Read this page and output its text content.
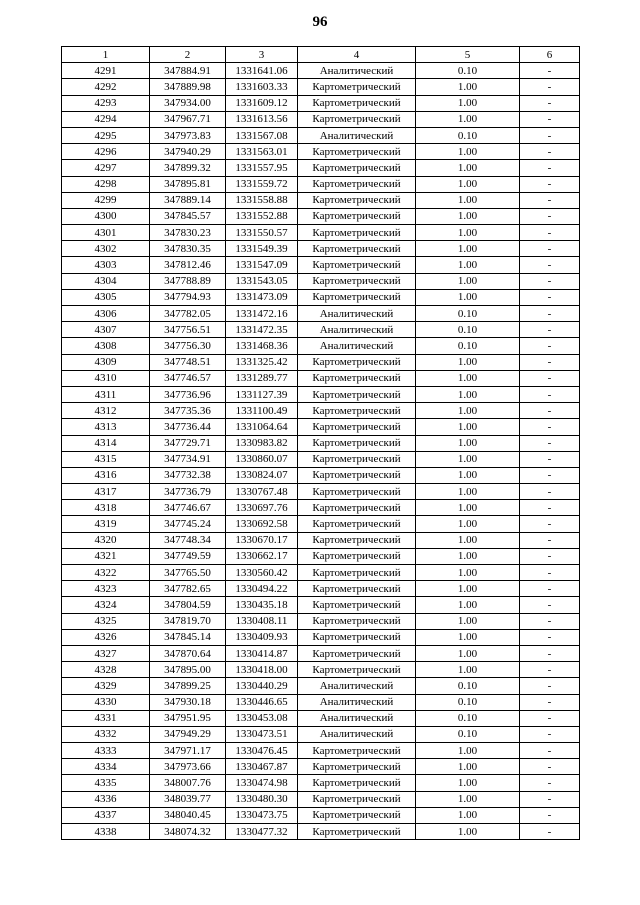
96
1	2	3	4	5	6
4291	347884.91	1331641.06	Аналитический	0.10	-
4292	347889.98	1331603.33	Картометрический	1.00	-
4293	347934.00	1331609.12	Картометрический	1.00	-
4294	347967.71	1331613.56	Картометрический	1.00	-
4295	347973.83	1331567.08	Аналитический	0.10	-
4296	347940.29	1331563.01	Картометрический	1.00	-
4297	347899.32	1331557.95	Картометрический	1.00	-
4298	347895.81	1331559.72	Картометрический	1.00	-
4299	347889.14	1331558.88	Картометрический	1.00	-
4300	347845.57	1331552.88	Картометрический	1.00	-
4301	347830.23	1331550.57	Картометрический	1.00	-
4302	347830.35	1331549.39	Картометрический	1.00	-
4303	347812.46	1331547.09	Картометрический	1.00	-
4304	347788.89	1331543.05	Картометрический	1.00	-
4305	347794.93	1331473.09	Картометрический	1.00	-
4306	347782.05	1331472.16	Аналитический	0.10	-
4307	347756.51	1331472.35	Аналитический	0.10	-
4308	347756.30	1331468.36	Аналитический	0.10	-
4309	347748.51	1331325.42	Картометрический	1.00	-
4310	347746.57	1331289.77	Картометрический	1.00	-
4311	347736.96	1331127.39	Картометрический	1.00	-
4312	347735.36	1331100.49	Картометрический	1.00	-
4313	347736.44	1331064.64	Картометрический	1.00	-
4314	347729.71	1330983.82	Картометрический	1.00	-
4315	347734.91	1330860.07	Картометрический	1.00	-
4316	347732.38	1330824.07	Картометрический	1.00	-
4317	347736.79	1330767.48	Картометрический	1.00	-
4318	347746.67	1330697.76	Картометрический	1.00	-
4319	347745.24	1330692.58	Картометрический	1.00	-
4320	347748.34	1330670.17	Картометрический	1.00	-
4321	347749.59	1330662.17	Картометрический	1.00	-
4322	347765.50	1330560.42	Картометрический	1.00	-
4323	347782.65	1330494.22	Картометрический	1.00	-
4324	347804.59	1330435.18	Картометрический	1.00	-
4325	347819.70	1330408.11	Картометрический	1.00	-
4326	347845.14	1330409.93	Картометрический	1.00	-
4327	347870.64	1330414.87	Картометрический	1.00	-
4328	347895.00	1330418.00	Картометрический	1.00	-
4329	347899.25	1330440.29	Аналитический	0.10	-
4330	347930.18	1330446.65	Аналитический	0.10	-
4331	347951.95	1330453.08	Аналитический	0.10	-
4332	347949.29	1330473.51	Аналитический	0.10	-
4333	347971.17	1330476.45	Картометрический	1.00	-
4334	347973.66	1330467.87	Картометрический	1.00	-
4335	348007.76	1330474.98	Картометрический	1.00	-
4336	348039.77	1330480.30	Картометрический	1.00	-
4337	348040.45	1330473.75	Картометрический	1.00	-
4338	348074.32	1330477.32	Картометрический	1.00	-
